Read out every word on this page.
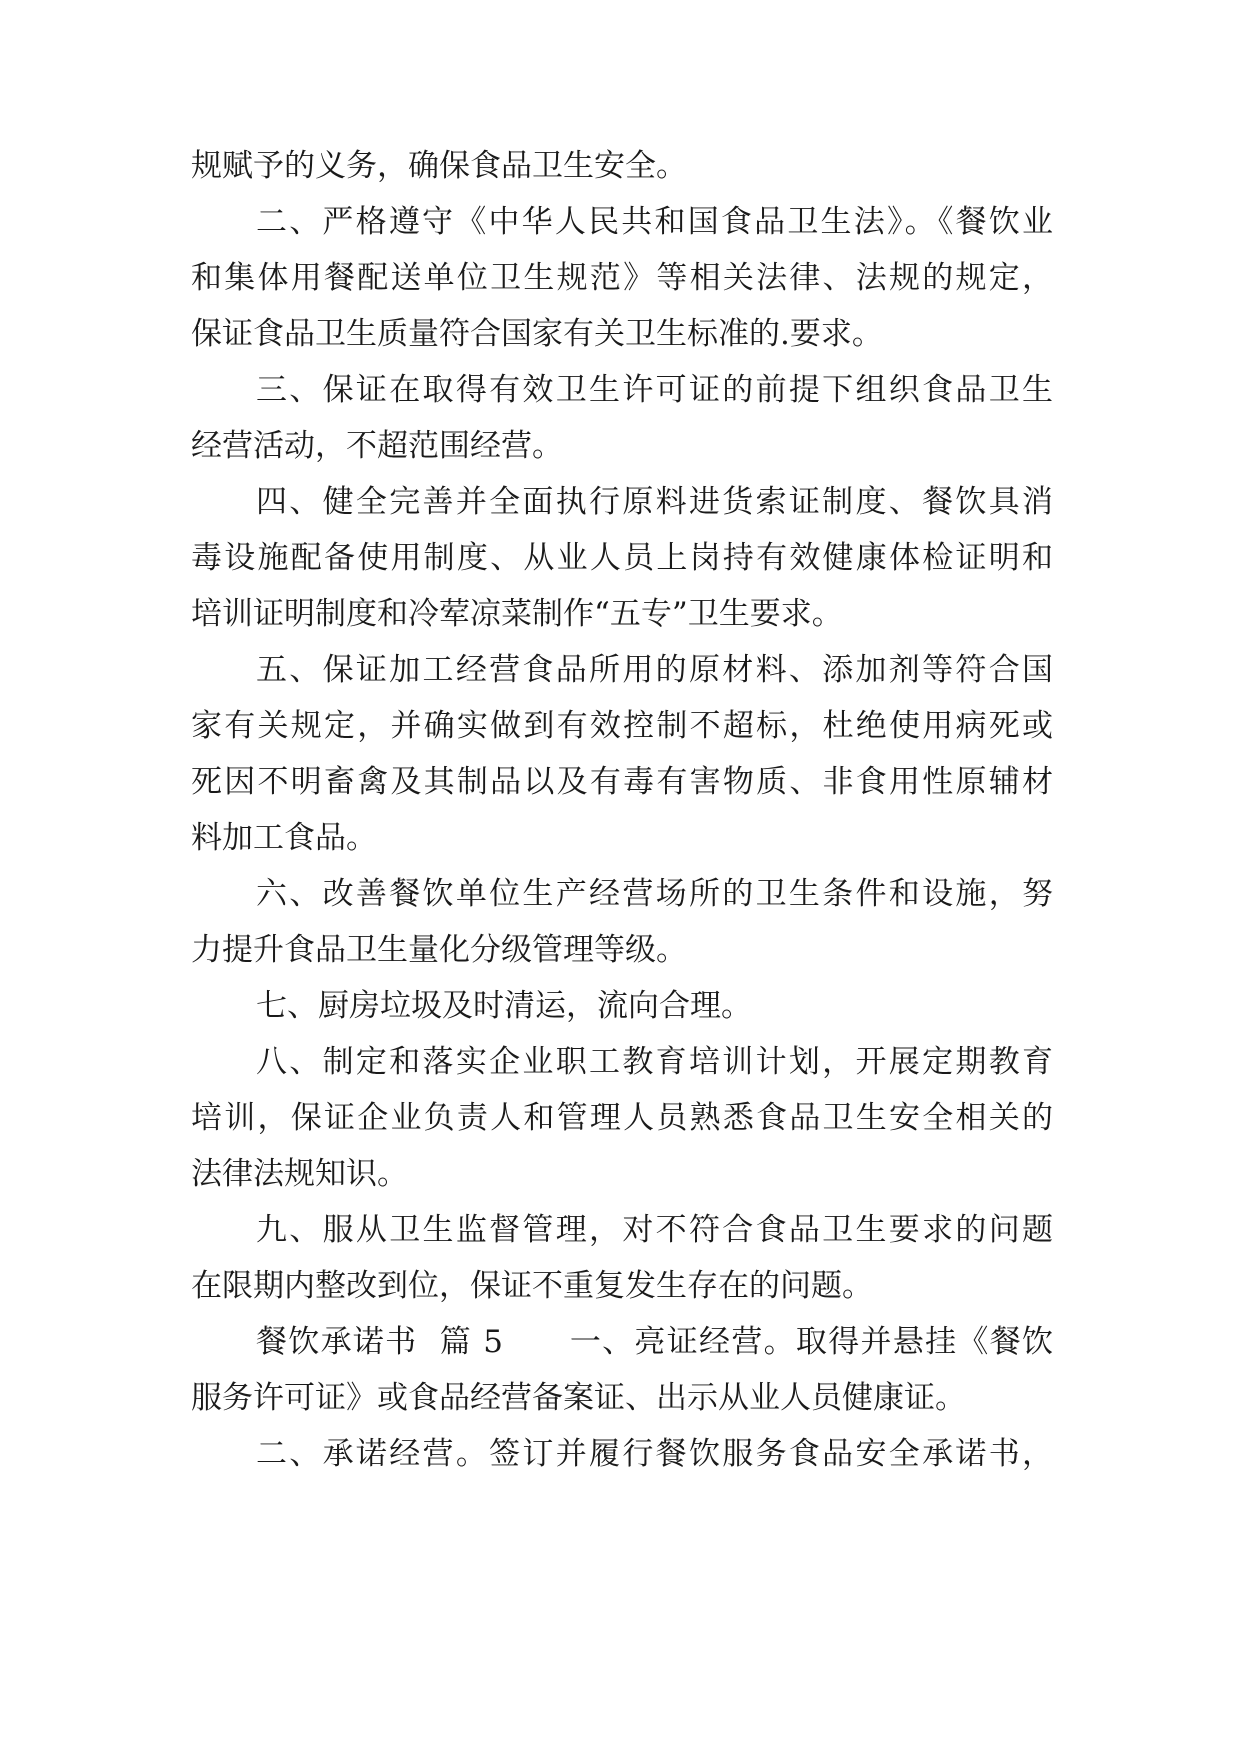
规赋予的义务，确保食品卫生安全。
二、严格遵守《中华人民共和国食品卫生法》。《餐饮业
和集体用餐配送单位卫生规范》等相关法律、法规的规定，
保证食品卫生质量符合国家有关卫生标准的.要求。
三、保证在取得有效卫生许可证的前提下组织食品卫生
经营活动，不超范围经营。
四、健全完善并全面执行原料进货索证制度、餐饮具消
毒设施配备使用制度、从业人员上岗持有效健康体检证明和
培训证明制度和冷荤凉菜制作“五专”卫生要求。
五、保证加工经营食品所用的原材料、添加剂等符合国
家有关规定，并确实做到有效控制不超标，杜绝使用病死或
死因不明畜禽及其制品以及有毒有害物质、非食用性原辅材
料加工食品。
六、改善餐饮单位生产经营场所的卫生条件和设施，努
力提升食品卫生量化分级管理等级。
七、厨房垃圾及时清运，流向合理。
八、制定和落实企业职工教育培训计划，开展定期教育
培训，保证企业负责人和管理人员熟悉食品卫生安全相关的
法律法规知识。
九、服从卫生监督管理，对不符合食品卫生要求的问题
在限期内整改到位，保证不重复发生存在的问题。
餐饮承诺书  篇 5      一、亮证经营。取得并悬挂《餐饮
服务许可证》或食品经营备案证、出示从业人员健康证。
二、承诺经营。签订并履行餐饮服务食品安全承诺书，
